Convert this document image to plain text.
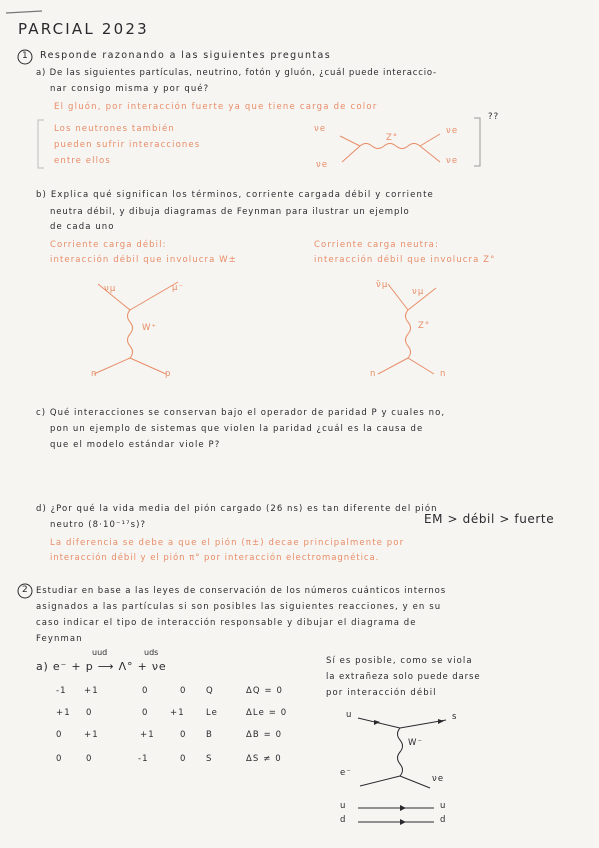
PARCIAL 2023
1 Responde razonando a las siguientes preguntas
a) De las siguientes partículas, neutrino, fotón y gluón, ¿cuál puede interaccio-
nar consigo misma y por qué?
El gluón, por interacción fuerte ya que tiene carga de color
Los neutrones también
pueden sufrir interacciones
entre ellos
νe
νe
νe
νe
Z°
??
b) Explica qué significan los términos, corriente cargada débil y corriente
neutra débil, y dibuja diagramas de Feynman para ilustrar un ejemplo
de cada uno
Corriente carga débil:
interacción débil que involucra W±
Corriente carga neutra:
interacción débil que involucra Z°
νμ	μ⁻
W⁺
n	p
ν̄μ
νμ
Z°
n	n
c) Qué interacciones se conservan bajo el operador de paridad P y cuales no,
pon un ejemplo de sistemas que violen la paridad ¿cuál es la causa de
que el modelo estándar viole P?
d) ¿Por qué la vida media del pión cargado (26 ns) es tan diferente del pión
neutro (8·10⁻¹⁷s)?	EM > débil > fuerte
La diferencia se debe a que el pión (π±) decae principalmente por
interacción débil y el pión π° por interacción electromagnética.
2 Estudiar en base a las leyes de conservación de los números cuánticos internos
asignados a las partículas si son posibles las siguientes reacciones, y en su
caso indicar el tipo de interacción responsable y dibujar el diagrama de
Feynman
uud	uds
a) e⁻ + p ⟶ Λ° + νe
-1 +1	0	0 Q	ΔQ = 0
+1 0	0	+1	Le	ΔLe = 0
0	+1	+1	0 B	ΔB = 0
0	0	-1	0 S	ΔS ≠ 0
Sí es posible, como se viola
la extrañeza solo puede darse
por interacción débil
u	s
W⁻
e⁻
νe
u	u
d	d
